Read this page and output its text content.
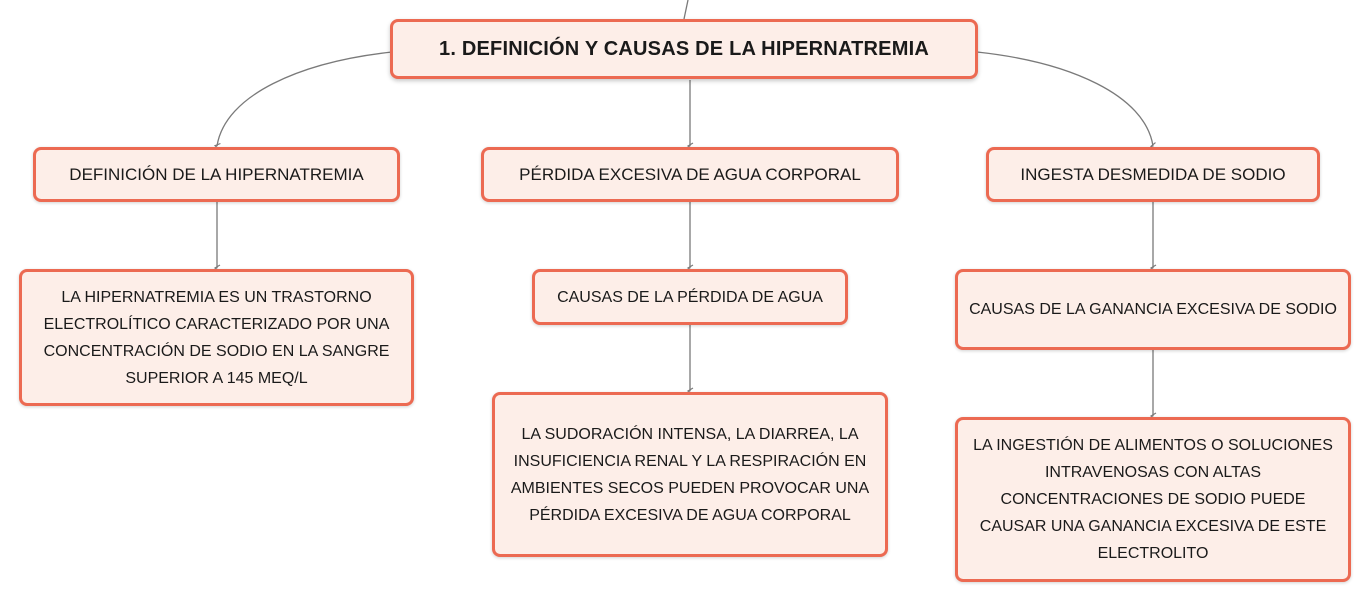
1. DEFINICIÓN Y CAUSAS DE LA HIPERNATREMIA
DEFINICIÓN DE LA HIPERNATREMIA	PÉRDIDA EXCESIVA DE AGUA CORPORAL	INGESTA DESMEDIDA DE SODIO
LA HIPERNATREMIA ES UN TRASTORNO ELECTROLÍTICO CARACTERIZADO POR UNA CONCENTRACIÓN DE SODIO EN LA SANGRE SUPERIOR A 145 MEQ/L
CAUSAS DE LA PÉRDIDA DE AGUA
LA SUDORACIÓN INTENSA, LA DIARREA, LA INSUFICIENCIA RENAL Y LA RESPIRACIÓN EN AMBIENTES SECOS PUEDEN PROVOCAR UNA PÉRDIDA EXCESIVA DE AGUA CORPORAL
CAUSAS DE LA GANANCIA EXCESIVA DE SODIO
LA INGESTIÓN DE ALIMENTOS O SOLUCIONES INTRAVENOSAS CON ALTAS CONCENTRACIONES DE SODIO PUEDE CAUSAR UNA GANANCIA EXCESIVA DE ESTE ELECTROLITO
